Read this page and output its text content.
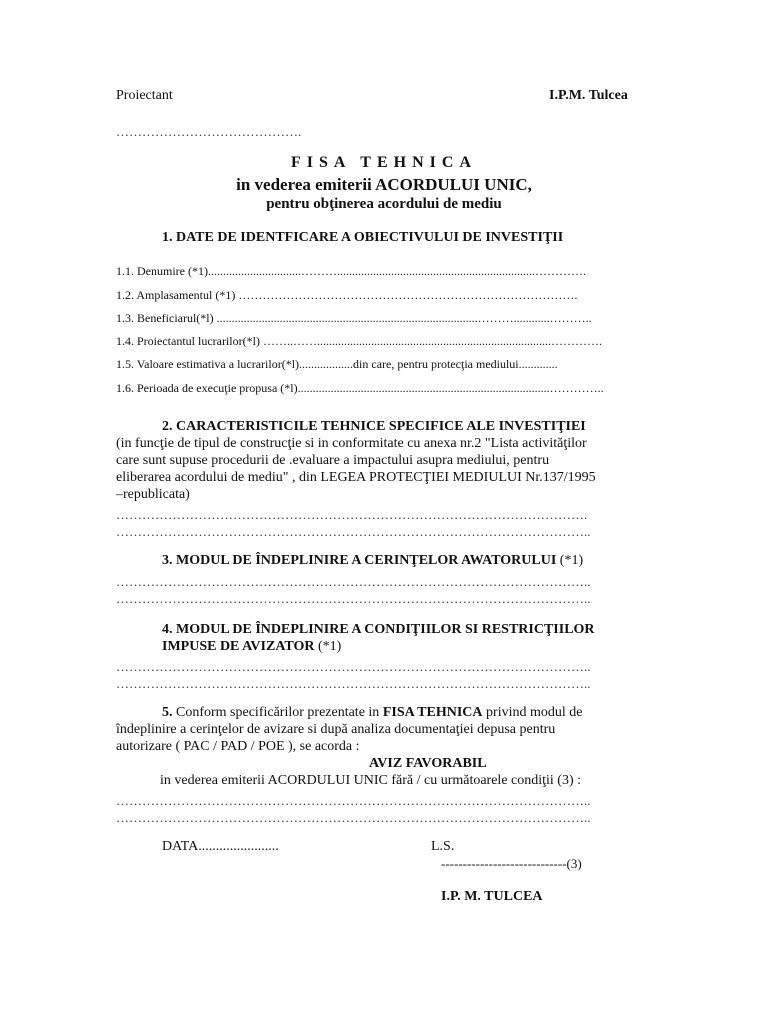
Proiectant	I.P.M. Tulcea
…………………………………….
FISA TEHNICA
in vederea emiterii ACORDULUI UNIC,
pentru obţinerea acordului de mediu
1. DATE DE IDENTFICARE A OBIECTIVULUI DE INVESTIŢII
1.1. Denumire (*1)...............................………..................................................................………….
1.2. Amplasamentul (*1) ………………………………………………………………………….
1.3. Beneficiarul(*l) .......................................................................................………............………..
1.4. Proiectantul lucrarilor(*l) ……..……..............................................................................………….
1.5. Valoare estimativa a lucrarilor(*l)..................din care, pentru protecţia mediului.............
1.6. Perioada de execuţie propusa (*l)....................................................................................…………..
2. CARACTERISTICILE TEHNICE SPECIFICE ALE INVESTIŢIEI
(in funcţie de tipul de construcţie si in conformitate cu anexa nr.2 "Lista activităţilor
care sunt supuse procedurii de .evaluare a impactului asupra mediului, pentru
eliberarea acordului de mediu" , din LEGEA PROTECŢIEI MEDIULUI Nr.137/1995
–republicata)
……………………………………………………………………………………………….
………………………………………………………………………………………………..
3. MODUL DE ÎNDEPLINIRE A CERINŢELOR AWATORULUI (*1)
………………………………………………………………………………………………..
………………………………………………………………………………………………..
4. MODUL DE ÎNDEPLINIRE A CONDIŢIILOR SI RESTRICŢIILOR
IMPUSE DE AVIZATOR (*1)
………………………………………………………………………………………………..
………………………………………………………………………………………………..
5. Conform specificărilor prezentate in FISA TEHNICA privind modul de
îndeplinire a cerinţelor de avizare si după analiza documentaţiei depusa pentru
autorizare ( PAC / PAD / POE ), se acorda :
AVIZ FAVORABIL
in vederea emiterii ACORDULUI UNIC fără / cu următoarele condiţii (3) :
………………………………………………………………………………………………..
………………………………………………………………………………………………..
DATA.......................	L.S.
-----------------------------(3)
I.P. M. TULCEA
